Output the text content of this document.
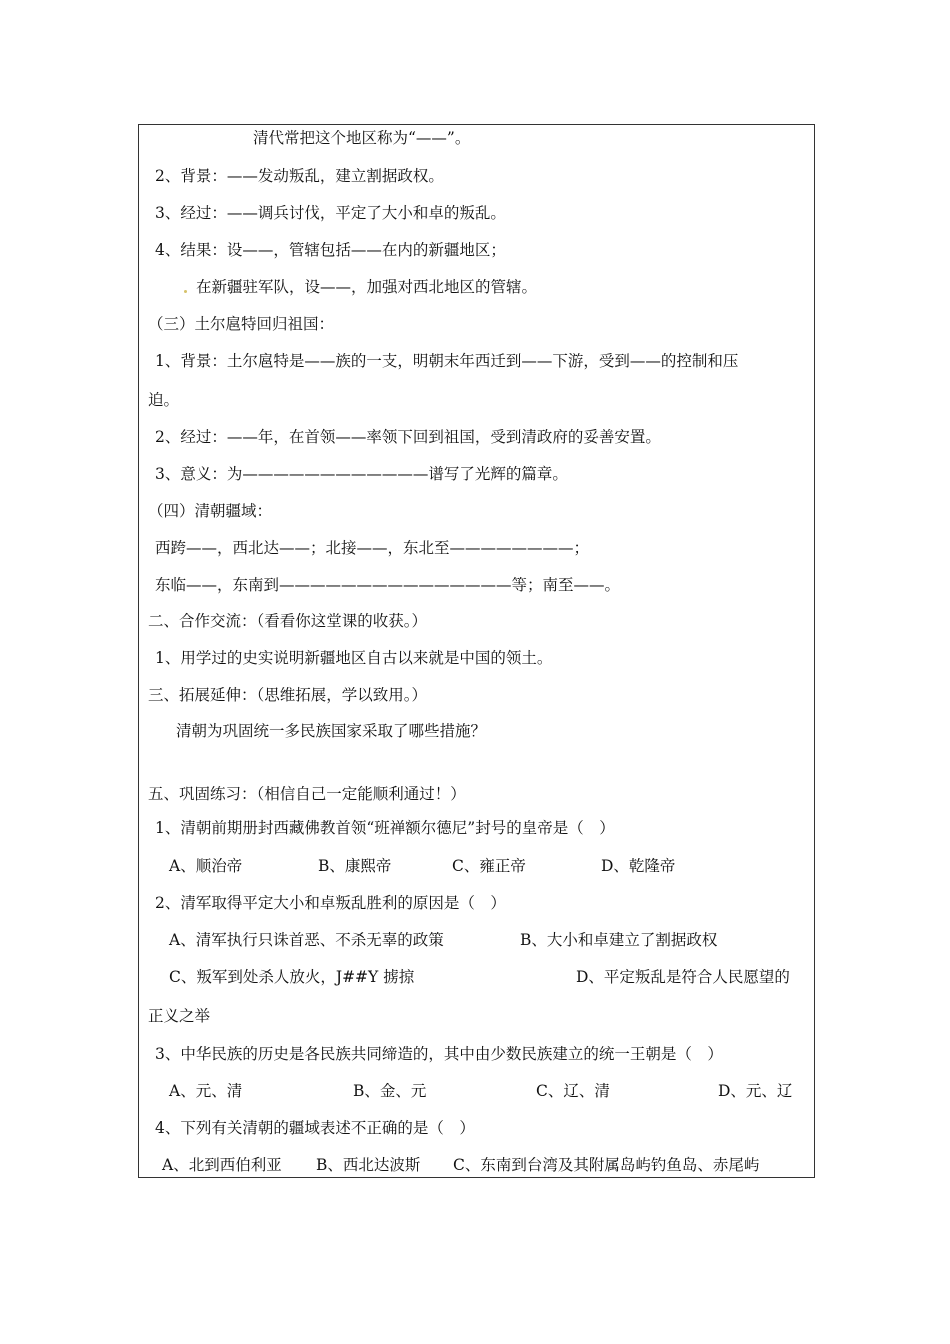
清代常把这个地区称为“——”。
2、背景：——发动叛乱，建立割据政权。
3、经过：——调兵讨伐，平定了大小和卓的叛乱。
4、结果：设——，管辖包括——在内的新疆地区；
在新疆驻军队，设——，加强对西北地区的管辖。
（三）土尔扈特回归祖国：
1、背景：土尔扈特是——族的一支，明朝末年西迁到——下游，受到——的控制和压
迫。
2、经过：——年，在首领——率领下回到祖国，受到清政府的妥善安置。
3、意义：为————————————谱写了光辉的篇章。
（四）清朝疆域：
西跨——，西北达——；北接——，东北至————————；
东临——，东南到———————————————等；南至——。
二、合作交流：（看看你这堂课的收获。）
1、用学过的史实说明新疆地区自古以来就是中国的领土。
三、拓展延伸：（思维拓展，学以致用。）
清朝为巩固统一多民族国家采取了哪些措施？
五、巩固练习：（相信自己一定能顺利通过！）
1、清朝前期册封西藏佛教首领“班禅额尔德尼”封号的皇帝是（　）
A、顺治帝	B、康熙帝	C、雍正帝	D、乾隆帝
2、清军取得平定大小和卓叛乱胜利的原因是（　）
A、清军执行只诛首恶、不杀无辜的政策	B、大小和卓建立了割据政权
C、叛军到处杀人放火，J##Y 掳掠	D、平定叛乱是符合人民愿望的
正义之举
3、中华民族的历史是各民族共同缔造的，其中由少数民族建立的统一王朝是（　）
A、元、清	B、金、元	C、辽、清	D、元、辽
4、下列有关清朝的疆域表述不正确的是（　）
A、北到西伯利亚 B、西北达波斯 C、东南到台湾及其附属岛屿钓鱼岛、赤尾屿
